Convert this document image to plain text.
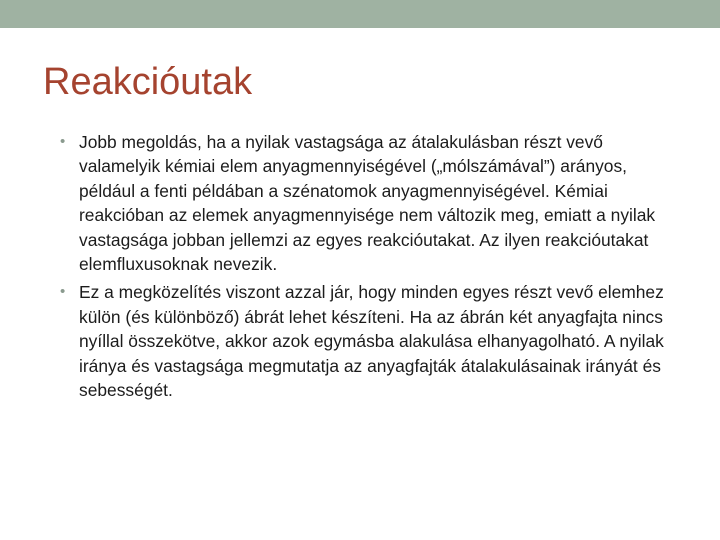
Reakcióutak
• Jobb megoldás, ha a nyilak vastagsága az átalakulásban részt vevő valamelyik kémiai elem anyagmennyiségével („mólszámával”) arányos, például a fenti példában a szénatomok anyagmennyiségével. Kémiai reakcióban az elemek anyagmennyisége nem változik meg, emiatt a nyilak vastagsága jobban jellemzi az egyes reakcióutakat. Az ilyen reakcióutakat elemfluxusoknak nevezik.
• Ez a megközelítés viszont azzal jár, hogy minden egyes részt vevő elemhez külön (és különböző) ábrát lehet készíteni. Ha az ábrán két anyagfajta nincs nyíllal összekötve, akkor azok egymásba alakulása elhanyagolható. A nyilak iránya és vastagsága megmutatja az anyagfajták átalakulásainak irányát és sebességét.
